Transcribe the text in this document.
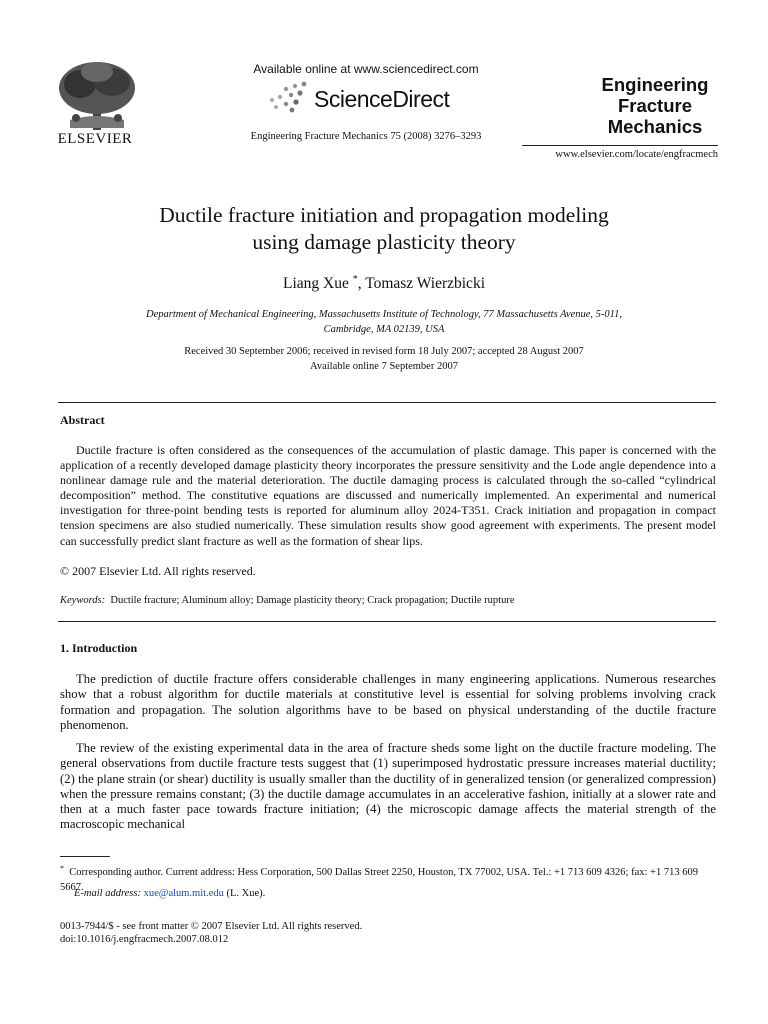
ELSEVIER
Available online at www.sciencedirect.com
ScienceDirect
Engineering Fracture Mechanics 75 (2008) 3276–3293
Engineering
Fracture
Mechanics
www.elsevier.com/locate/engfracmech
Ductile fracture initiation and propagation modeling
using damage plasticity theory
Liang Xue *, Tomasz Wierzbicki
Department of Mechanical Engineering, Massachusetts Institute of Technology, 77 Massachusetts Avenue, 5-011,
Cambridge, MA 02139, USA
Received 30 September 2006; received in revised form 18 July 2007; accepted 28 August 2007
Available online 7 September 2007
Abstract
Ductile fracture is often considered as the consequences of the accumulation of plastic damage. This paper is concerned with the application of a recently developed damage plasticity theory incorporates the pressure sensitivity and the Lode angle dependence into a nonlinear damage rule and the material deterioration. The ductile damaging process is calculated through the so-called “cylindrical decomposition” method. The constitutive equations are discussed and numerically implemented. An experimental and numerical investigation for three-point bending tests is reported for aluminum alloy 2024-T351. Crack initiation and propagation in compact tension specimens are also studied numerically. These simulation results show good agreement with experiments. The present model can successfully predict slant fracture as well as the formation of shear lips.
© 2007 Elsevier Ltd. All rights reserved.
Keywords: Ductile fracture; Aluminum alloy; Damage plasticity theory; Crack propagation; Ductile rupture
1. Introduction
The prediction of ductile fracture offers considerable challenges in many engineering applications. Numerous researches show that a robust algorithm for ductile materials at constitutive level is essential for solving problems involving crack formation and propagation. The solution algorithms have to be based on physical understanding of the ductile fracture phenomenon.
The review of the existing experimental data in the area of fracture sheds some light on the ductile fracture modeling. The general observations from ductile fracture tests suggest that (1) superimposed hydrostatic pressure increases material ductility; (2) the plane strain (or shear) ductility is usually smaller than the ductility of in generalized tension (or generalized compression) when the pressure remains constant; (3) the ductile damage accumulates in an accelerative fashion, initially at a slower rate and then at a much faster pace towards fracture initiation; (4) the microscopic damage affects the material strength of the macroscopic mechanical
* Corresponding author. Current address: Hess Corporation, 500 Dallas Street 2250, Houston, TX 77002, USA. Tel.: +1 713 609 4326; fax: +1 713 609 5667.
E-mail address: xue@alum.mit.edu (L. Xue).
0013-7944/$ - see front matter © 2007 Elsevier Ltd. All rights reserved.
doi:10.1016/j.engfracmech.2007.08.012
